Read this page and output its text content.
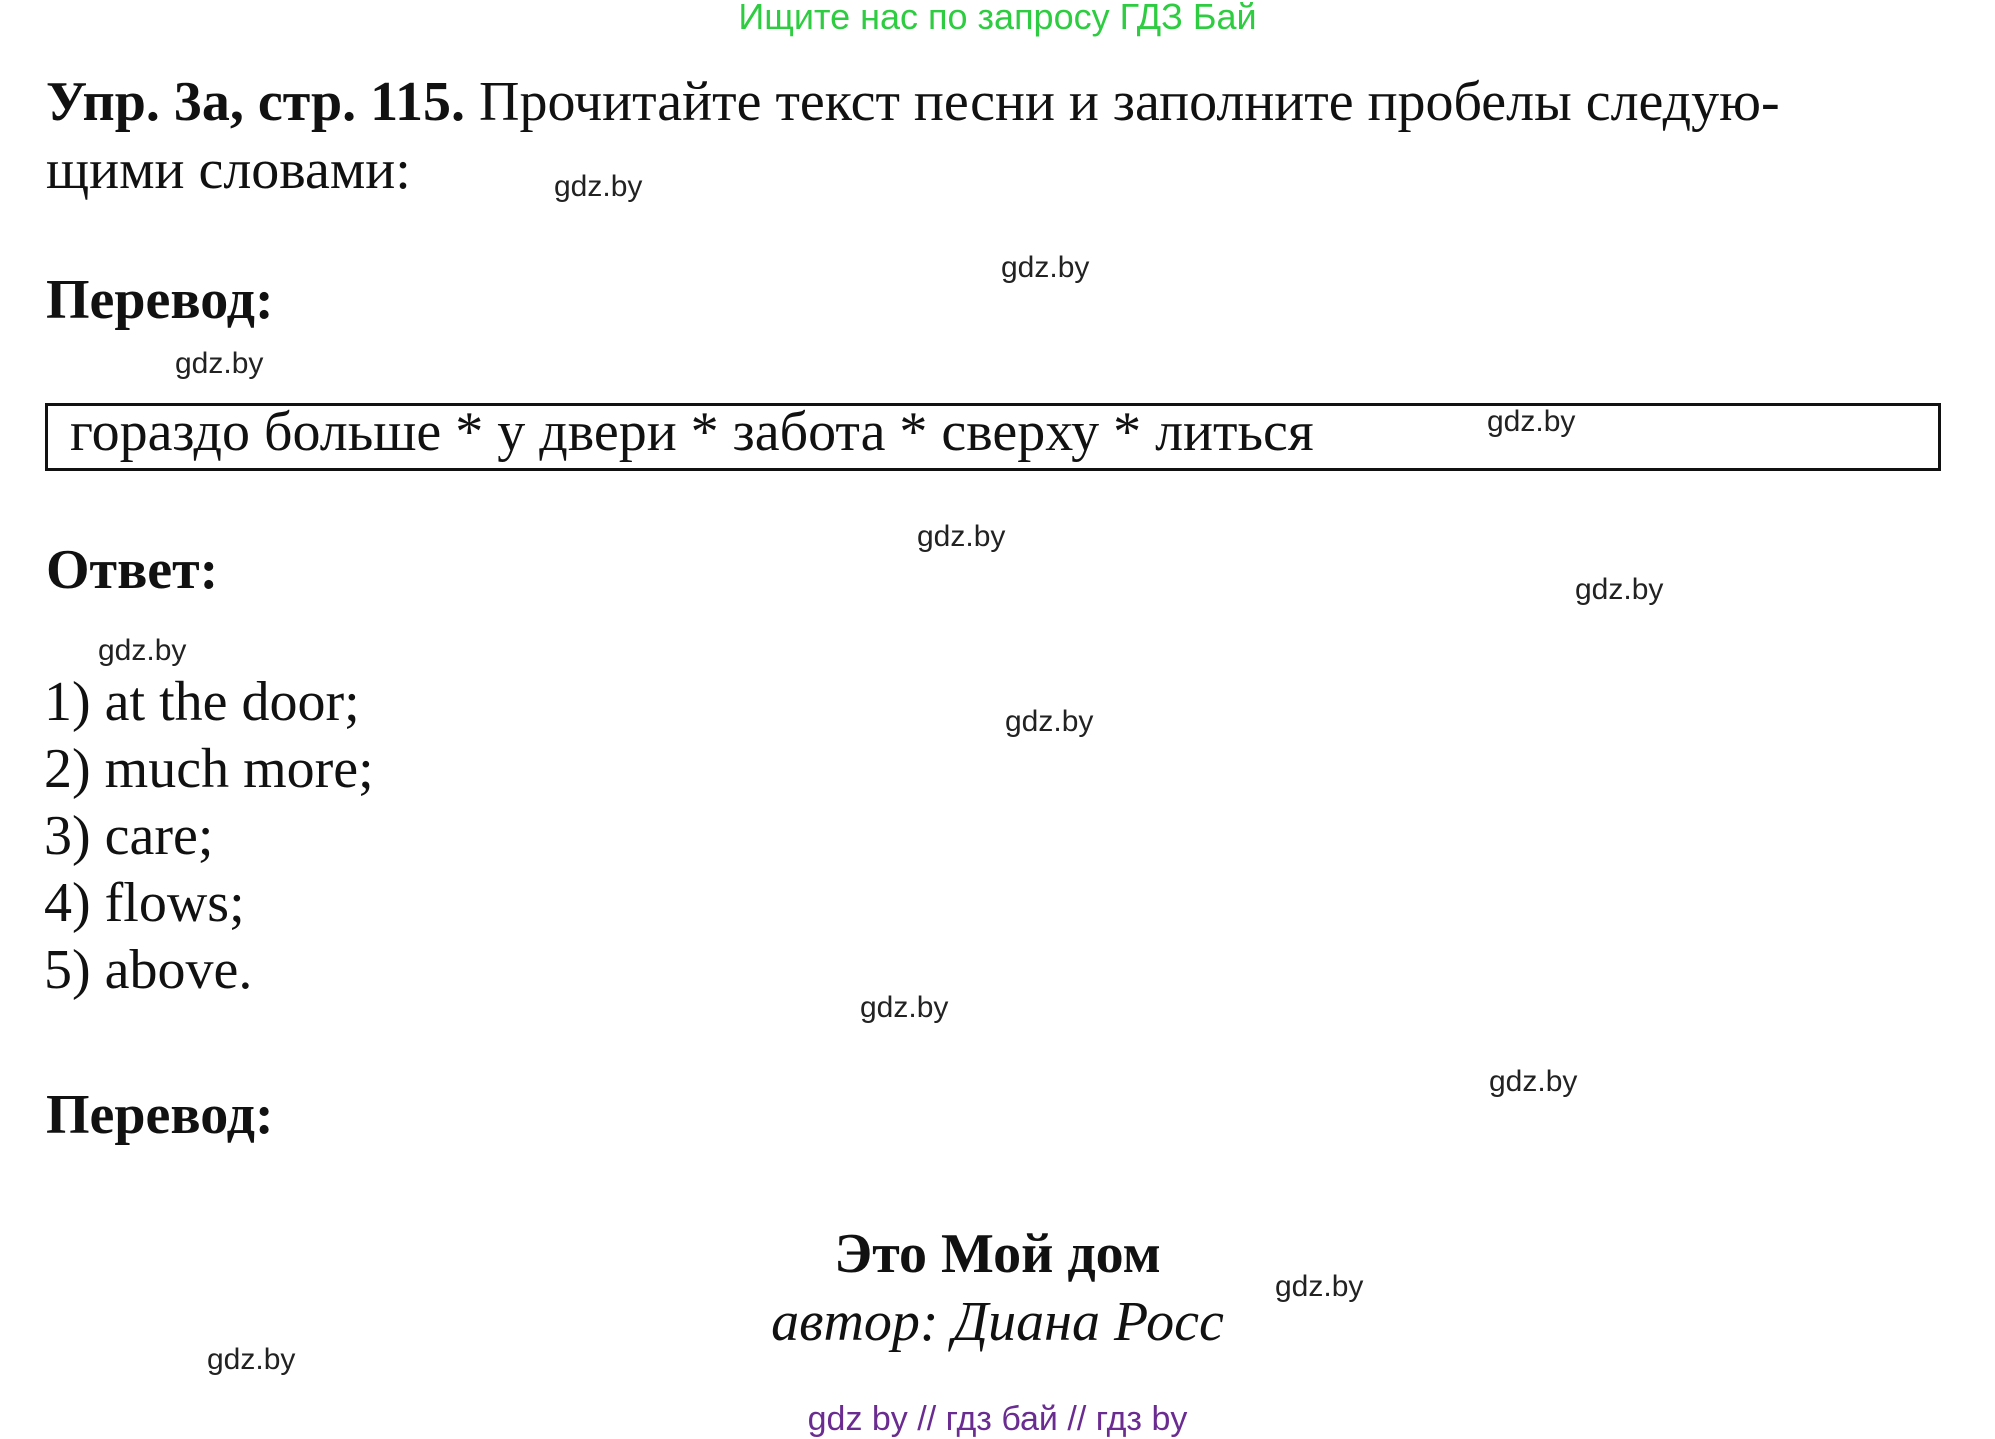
Ищите нас по запросу ГДЗ Бай
Упр. 3а, стр. 115. Прочитайте текст песни и заполните пробелы следую-
щими словами:
Перевод:
гораздо больше * у двери * забота * сверху * литься
Ответ:
1) at the door;
2) much more;
3) care;
4) flows;
5) above.
Перевод:
Это Мой дом
автор: Диана Росс
gdz.by
gdz.by
gdz.by
gdz.by
gdz.by
gdz.by
gdz.by
gdz.by
gdz.by
gdz.by
gdz.by
gdz.by
gdz by // гдз бай // гдз by
